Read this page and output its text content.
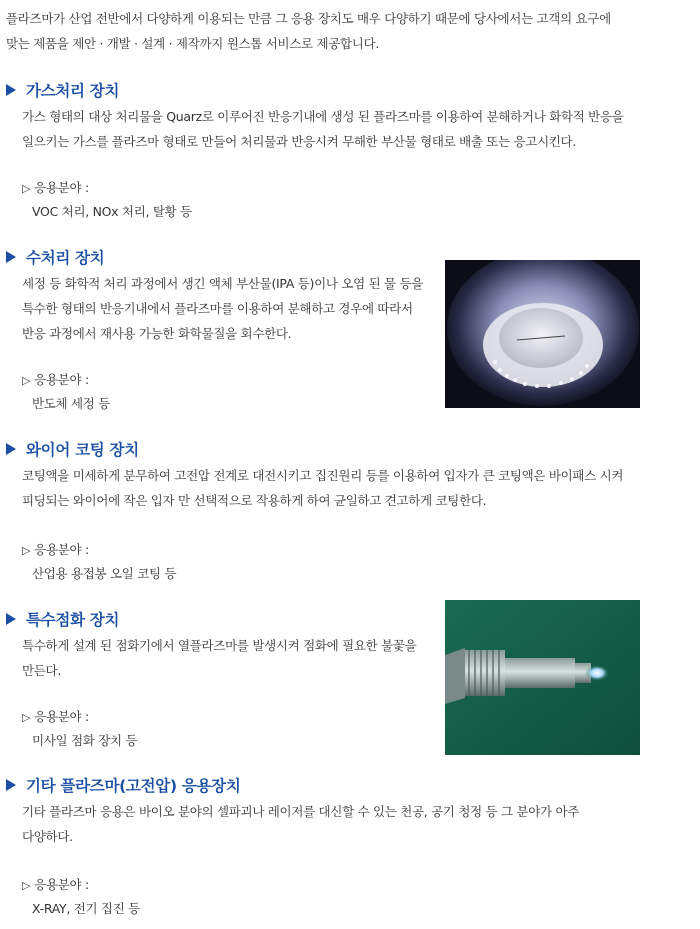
플라즈마가 산업 전반에서 다양하게 이용되는 만큼 그 응용 장치도 매우 다양하기 때문에 당사에서는 고객의 요구에
맞는 제품을 제안 · 개발 · 설계 · 제작까지 원스톱 서비스로 제공합니다.
가스처리 장치
가스 형태의 대상 처리물을 Quarz로 이루어진 반응기내에 생성 된 플라즈마를 이용하여 분해하거나 화학적 반응을
일으키는 가스를 플라즈마 형태로 만들어 처리물과 반응시켜 무해한 부산물 형태로 배출 또는 응고시킨다.
▷ 응용분야 :
VOC 처리, NOx 처리, 탈황 등
수처리 장치
세정 등 화학적 처리 과정에서 생긴 액체 부산물(IPA 등)이나 오염 된 물 등을
특수한 형태의 반응기내에서 플라즈마를 이용하여 분해하고 경우에 따라서
반응 과정에서 재사용 가능한 화학물질을 회수한다.
▷ 응용분야 :
반도체 세정 등
와이어 코팅 장치
코팅액을 미세하게 분무하여 고전압 전계로 대전시키고 집진원리 등를 이용하여 입자가 큰 코팅액은 바이패스 시켜
피딩되는 와이어에 작은 입자 만 선택적으로 작용하게 하여 균일하고 견고하게 코팅한다.
▷ 응용분야 :
산업용 용접봉 오일 코팅 등
특수점화 장치
특수하게 설계 된 점화기에서 열플라즈마를 발생시켜 점화에 필요한 불꽃을
만든다.
▷ 응용분야 :
미사일 점화 장치 등
기타 플라즈마(고전압) 응용장치
기타 플라즈마 응용은 바이오 분야의 셀파괴나 레이저를 대신할 수 있는 천공, 공기 청정 등 그 분야가 아주
다양하다.
▷ 응용분야 :
X-RAY, 전기 집진 등
